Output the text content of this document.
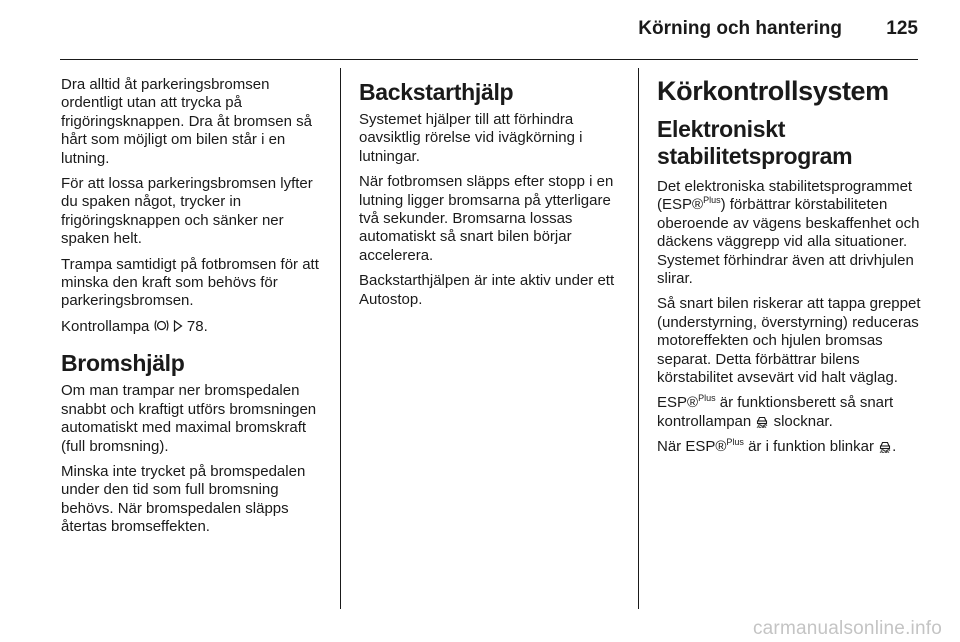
Körning och hantering 125

Dra alltid åt parkeringsbromsen ordentligt utan att trycka på frigöringsknappen. Dra åt bromsen så hårt som möjligt om bilen står i en lutning.

För att lossa parkeringsbromsen lyfter du spaken något, trycker in frigöringsknappen och sänker ner spaken helt.

Trampa samtidigt på fotbromsen för att minska den kraft som behövs för parkeringsbromsen.

Kontrollampa	78.

Bromshjälp

Om man trampar ner bromspedalen snabbt och kraftigt utförs bromsningen automatiskt med maximal bromskraft (full bromsning).

Minska inte trycket på bromspedalen under den tid som full bromsning behövs. När bromspedalen släpps återtas bromseffekten.

Backstarthjälp

Systemet hjälper till att förhindra oavsiktlig rörelse vid ivägkörning i lutningar.

När fotbromsen släpps efter stopp i en lutning ligger bromsarna på ytterligare två sekunder. Bromsarna lossas automatiskt så snart bilen börjar accelerera.

Backstarthjälpen är inte aktiv under ett Autostop.

Körkontrollsystem
Elektroniskt stabilitetsprogram

Det elektroniska stabilitetsprogrammet (ESP®$^{Plus}$) förbättrar körstabiliteten oberoende av vägens beskaffenhet och däckens väggrepp vid alla situationer. Systemet förhindrar även att drivhjulen slirar.

Så snart bilen riskerar att tappa greppet (understyrning, överstyrning) reduceras motoreffekten och hjulen bromsas separat. Detta förbättrar bilens körstabilitet avsevärt vid halt väglag.

ESP®$^{Plus}$ är funktionsberett så snart kontrollampan slocknar.

När ESP®$^{Plus}$ är i funktion blinkar .

carmanualsonline.info
